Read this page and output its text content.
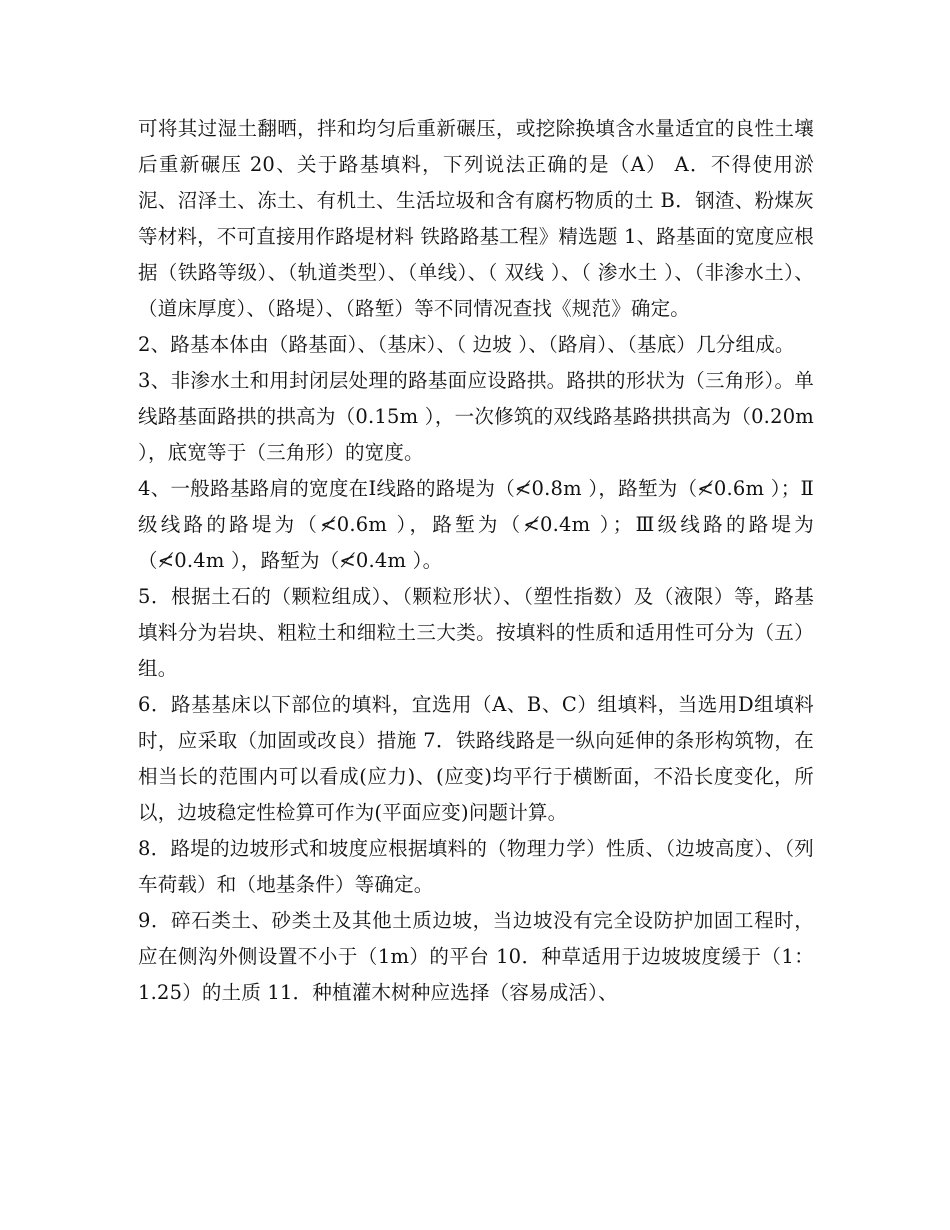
可将其过湿土翻晒，拌和均匀后重新碾压，或挖除换填含水量适宜的良性土壤后重新碾压 20、关于路基填料，下列说法正确的是（A） A．不得使用淤泥、沼泽土、冻土、有机土、生活垃圾和含有腐朽物质的土 B．钢渣、粉煤灰等材料，不可直接用作路堤材料 铁路路基工程》精选题 1、路基面的宽度应根据（铁路等级）、（轨道类型）、（单线）、（ 双线 ）、（ 渗水土 ）、（非渗水土）、（道床厚度）、（路堤）、（路堑）等不同情况查找《规范》确定。

2、路基本体由（路基面）、（基床）、（ 边坡 ）、（路肩）、（基底）几分组成。

3、非渗水土和用封闭层处理的路基面应设路拱。路拱的形状为（三角形）。单线路基面路拱的拱高为（0.15m ），一次修筑的双线路基路拱拱高为（0.20m ），底宽等于（三角形）的宽度。

4、一般路基路肩的宽度在Ⅰ线路的路堤为（≮0.8m ），路堑为（≮0.6m ）；Ⅱ级线路的路堤为（≮0.6m ），路堑为（≮0.4m ）；Ⅲ级线路的路堤为（≮0.4m ），路堑为（≮0.4m ）。

5．根据土石的（颗粒组成）、（颗粒形状）、（塑性指数）及（液限）等，路基填料分为岩块、粗粒土和细粒土三大类。按填料的性质和适用性可分为（五）组。

6．路基基床以下部位的填料，宜选用（A、B、C）组填料，当选用D组填料时，应采取（加固或改良）措施 7．铁路线路是一纵向延伸的条形构筑物，在相当长的范围内可以看成(应力)、(应变)均平行于横断面，不沿长度变化，所以，边坡稳定性检算可作为(平面应变)问题计算。

8．路堤的边坡形式和坡度应根据填料的（物理力学）性质、（边坡高度）、（列车荷载）和（地基条件）等确定。

9．碎石类土、砂类土及其他土质边坡，当边坡没有完全设防护加固工程时，应在侧沟外侧设置不小于（1m）的平台 10．种草适用于边坡坡度缓于（1：1.25）的土质 11．种植灌木树种应选择（容易成活）、
